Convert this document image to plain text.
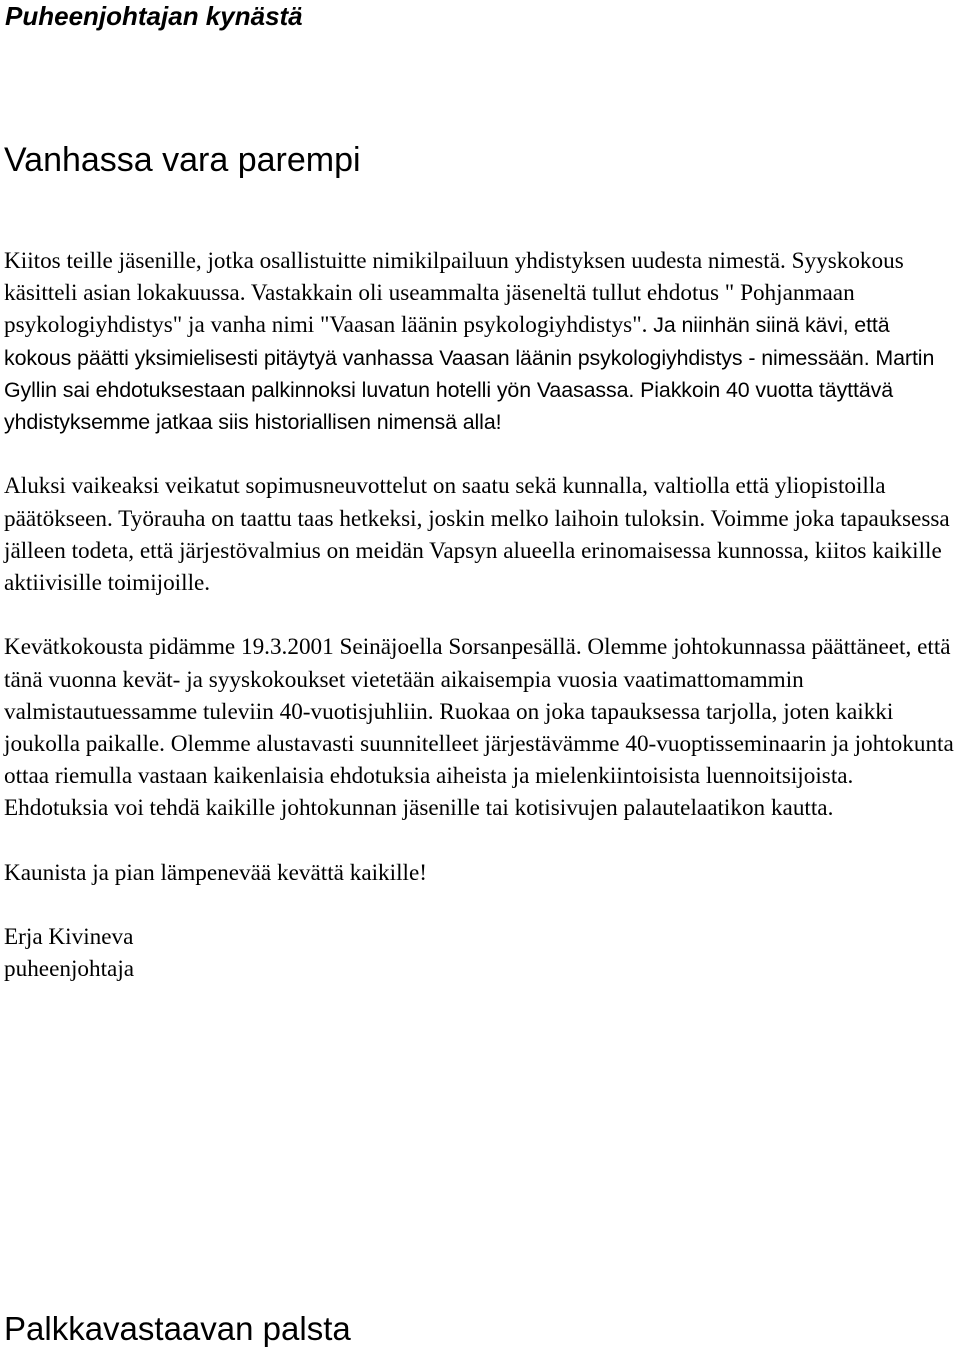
Puheenjohtajan kynästä
Vanhassa vara parempi

Kiitos teille jäsenille, jotka osallistuitte nimikilpailuun yhdistyksen uudesta nimestä. Syyskokous käsitteli asian lokakuussa. Vastakkain oli useammalta jäseneltä tullut ehdotus " Pohjanmaan psykologiyhdistys" ja vanha nimi "Vaasan läänin psykologiyhdistys". Ja niinhän siinä kävi, että kokous päätti yksimielisesti pitäytyä vanhassa Vaasan läänin psykologiyhdistys - nimessään. Martin Gyllin sai ehdotuksestaan palkinnoksi luvatun hotelli yön Vaasassa. Piakkoin 40 vuotta täyttävä yhdistyksemme jatkaa siis historiallisen nimensä alla!

Aluksi vaikeaksi veikatut sopimusneuvottelut on saatu sekä kunnalla, valtiolla että yliopistoilla päätökseen. Työrauha on taattu taas hetkeksi, joskin melko laihoin tuloksin. Voimme joka tapauksessa jälleen todeta, että järjestövalmius on meidän Vapsyn alueella erinomaisessa kunnossa, kiitos kaikille aktiivisille toimijoille.

Kevätkokousta pidämme 19.3.2001 Seinäjoella Sorsanpesällä. Olemme johtokunnassa päättäneet, että tänä vuonna kevät- ja syyskokoukset vietetään aikaisempia vuosia vaatimattomammin valmistautuessamme tuleviin 40-vuotisjuhliin. Ruokaa on joka tapauksessa tarjolla, joten kaikki joukolla paikalle. Olemme alustavasti suunnitelleet järjestävämme 40-vuoptisseminaarin ja johtokunta ottaa riemulla vastaan kaikenlaisia ehdotuksia aiheista ja mielenkiintoisista luennoitsijoista. Ehdotuksia voi tehdä kaikille johtokunnan jäsenille tai kotisivujen palautelaatikon kautta.

Kaunista ja pian lämpenevää kevättä kaikille!

Erja Kivineva
puheenjohtaja

Palkkavastaavan palsta
